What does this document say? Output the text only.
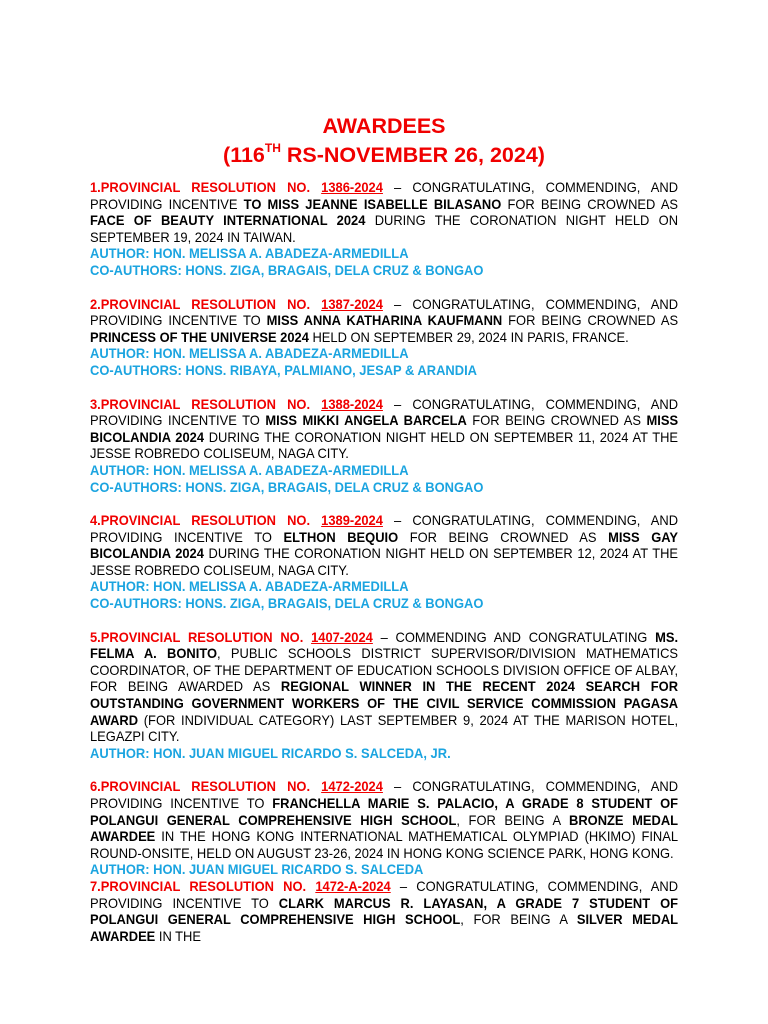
AWARDEES
(116TH RS-NOVEMBER 26, 2024)
1.PROVINCIAL RESOLUTION NO. 1386-2024 – CONGRATULATING, COMMENDING, AND PROVIDING INCENTIVE TO MISS JEANNE ISABELLE BILASANO FOR BEING CROWNED AS FACE OF BEAUTY INTERNATIONAL 2024 DURING THE CORONATION NIGHT HELD ON SEPTEMBER 19, 2024 IN TAIWAN.
AUTHOR: HON. MELISSA A. ABADEZA-ARMEDILLA
CO-AUTHORS: HONS. ZIGA, BRAGAIS, DELA CRUZ & BONGAO
2.PROVINCIAL RESOLUTION NO. 1387-2024 – CONGRATULATING, COMMENDING, AND PROVIDING INCENTIVE TO MISS ANNA KATHARINA KAUFMANN FOR BEING CROWNED AS PRINCESS OF THE UNIVERSE 2024 HELD ON SEPTEMBER 29, 2024 IN PARIS, FRANCE.
AUTHOR: HON. MELISSA A. ABADEZA-ARMEDILLA
CO-AUTHORS: HONS. RIBAYA, PALMIANO, JESAP & ARANDIA
3.PROVINCIAL RESOLUTION NO. 1388-2024 – CONGRATULATING, COMMENDING, AND PROVIDING INCENTIVE TO MISS MIKKI ANGELA BARCELA FOR BEING CROWNED AS MISS BICOLANDIA 2024 DURING THE CORONATION NIGHT HELD ON SEPTEMBER 11, 2024 AT THE JESSE ROBREDO COLISEUM, NAGA CITY.
AUTHOR: HON. MELISSA A. ABADEZA-ARMEDILLA
CO-AUTHORS: HONS. ZIGA, BRAGAIS, DELA CRUZ & BONGAO
4.PROVINCIAL RESOLUTION NO. 1389-2024 – CONGRATULATING, COMMENDING, AND PROVIDING INCENTIVE TO ELTHON BEQUIO FOR BEING CROWNED AS MISS GAY BICOLANDIA 2024 DURING THE CORONATION NIGHT HELD ON SEPTEMBER 12, 2024 AT THE JESSE ROBREDO COLISEUM, NAGA CITY.
AUTHOR: HON. MELISSA A. ABADEZA-ARMEDILLA
CO-AUTHORS: HONS. ZIGA, BRAGAIS, DELA CRUZ & BONGAO
5.PROVINCIAL RESOLUTION NO. 1407-2024 – COMMENDING AND CONGRATULATING MS. FELMA A. BONITO, PUBLIC SCHOOLS DISTRICT SUPERVISOR/DIVISION MATHEMATICS COORDINATOR, OF THE DEPARTMENT OF EDUCATION SCHOOLS DIVISION OFFICE OF ALBAY, FOR BEING AWARDED AS REGIONAL WINNER IN THE RECENT 2024 SEARCH FOR OUTSTANDING GOVERNMENT WORKERS OF THE CIVIL SERVICE COMMISSION PAGASA AWARD (FOR INDIVIDUAL CATEGORY) LAST SEPTEMBER 9, 2024 AT THE MARISON HOTEL, LEGAZPI CITY.
AUTHOR: HON. JUAN MIGUEL RICARDO S. SALCEDA, JR.
6.PROVINCIAL RESOLUTION NO. 1472-2024 – CONGRATULATING, COMMENDING, AND PROVIDING INCENTIVE TO FRANCHELLA MARIE S. PALACIO, A GRADE 8 STUDENT OF POLANGUI GENERAL COMPREHENSIVE HIGH SCHOOL, FOR BEING A BRONZE MEDAL AWARDEE IN THE HONG KONG INTERNATIONAL MATHEMATICAL OLYMPIAD (HKIMO) FINAL ROUND-ONSITE, HELD ON AUGUST 23-26, 2024 IN HONG KONG SCIENCE PARK, HONG KONG.
AUTHOR: HON. JUAN MIGUEL RICARDO S. SALCEDA
7.PROVINCIAL RESOLUTION NO. 1472-A-2024 – CONGRATULATING, COMMENDING, AND PROVIDING INCENTIVE TO CLARK MARCUS R. LAYASAN, A GRADE 7 STUDENT OF POLANGUI GENERAL COMPREHENSIVE HIGH SCHOOL, FOR BEING A SILVER MEDAL AWARDEE IN THE
